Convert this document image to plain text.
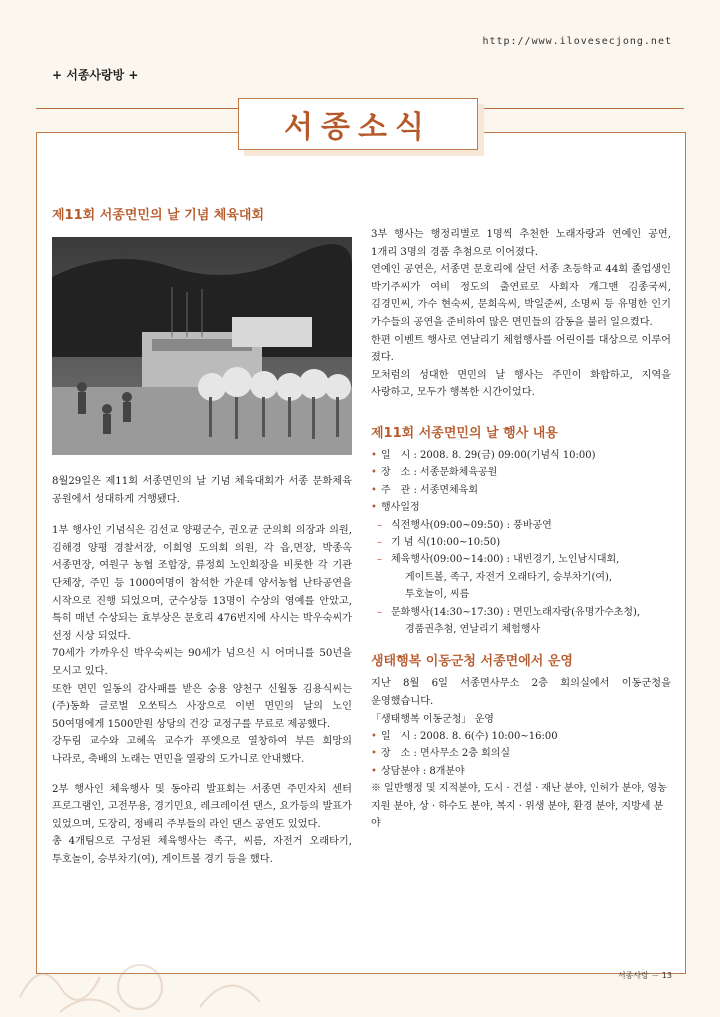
http://www.ilovesecjong.net
+ 서종사랑방 +
서종소식
제11회 서종면민의 날 기념 체육대회

8월29일은 제11회 서종면민의 날 기념 체육대회가 서종 문화체육 공원에서 성대하게 거행됐다.

1부 행사인 기념식은 김선교 양평군수, 권오균 군의회 의장과 의원, 김해경 양평 경찰서장, 이희영 도의회 의원, 각 읍,면장, 박종옥 서종면장, 여원구 농협 조합장, 류정희 노인회장을 비롯한 각 기관 단체장, 주민 등 1000여명이 참석한 가운데 양서농협 난타공연을 시작으로 진행 되었으며, 군수상등 13명이 수상의 영예를 안았고, 특히 매년 수상되는 효부상은 문호리 476번지에 사시는 박우숙씨가 선정 시상 되었다.

70세가 가까우신 박우숙씨는 90세가 넘으신 시 어머니를 50년을 모시고 있다.

또한 면민 일동의 감사패를 받은 숭용 양천구 신월동 김용식씨는 (주)동화 글로벌 오쏘틱스 사장으로 이번 면민의 날의 노인 50여명에게 1500만원 상당의 건강 교정구를 무료로 제공했다.

강두림 교수와 고혜옥 교수가 푸엣으로 열창하여 부른 희망의 나라로, 축배의 노래는 면민을 열광의 도가니로 안내했다.

2부 행사인 체육행사 및 동아리 발표회는 서종면 주민자치 센터 프로그램인, 고전무용, 경기민요, 레크레이션 댄스, 요가등의 발표가 있었으며, 도장리, 정배리 주부들의 라인 댄스 공연도 있었다.

총 4개팀으로 구성된 체육행사는 족구, 씨름, 자전거 오래타기, 투호놀이, 승부차기(여), 게이트볼 경기 등을 했다.

3부 행사는 행정리별로 1명씩 추천한 노래자랑과 연예인 공연, 1개리 3명의 경품 추첨으로 이어졌다.

연예인 공연은, 서종면 문호리에 살던 서종 초등학교 44회 졸업생인 박기주씨가 여비 정도의 출연료로 사회자 개그맨 김종국씨, 김경민씨, 가수 현숙씨, 문희옥씨, 박일준씨, 소명씨 등 유명한 인기 가수들의 공연을 준비하여 많은 면민들의 감동을 불러 일으켰다.

한편 이벤트 행사로 연날리기 체험행사를 어린이를 대상으로 이루어 졌다.

모처럼의 성대한 면민의 날 행사는 주민이 화합하고, 지역을 사랑하고, 모두가 행복한 시간이었다.

제11회 서종면민의 날 행사 내용
• 일　시 : 2008. 8. 29(금) 09:00(기념식 10:00)
• 장　소 : 서종문화체육공원
• 주　관 : 서종면체육회
• 행사일정
– 식전행사(09:00~09:50) : 풍바공연
– 기 념 식(10:00~10:50)
– 체육행사(09:00~14:00) : 내빈경기, 노인남시대회,
게이트볼, 족구, 자전거 오래타기, 승부차기(여),
투호놀이, 씨름
– 문화행사(14:30~17:30) : 면민노래자랑(유명가수초청),
경품권추첨, 연날리기 체험행사
생태행복 이동군청 서종면에서 운영

지난 8월 6일 서종면사무소 2층 회의실에서 이동군청을 운영했습니다.

「생태행복 이동군청」 운영
• 일　시 : 2008. 8. 6(수) 10:00~16:00
• 장　소 : 면사무소 2층 회의실
• 상담분야 : 8개분야
※ 일반행정 및 지적분야, 도시 · 건설 · 재난 분야, 인허가 분야, 영농지원 분야, 상 · 하수도 분야, 복지 · 위생 분야, 환경 분야, 지방세 분야
서종사랑 － 13
